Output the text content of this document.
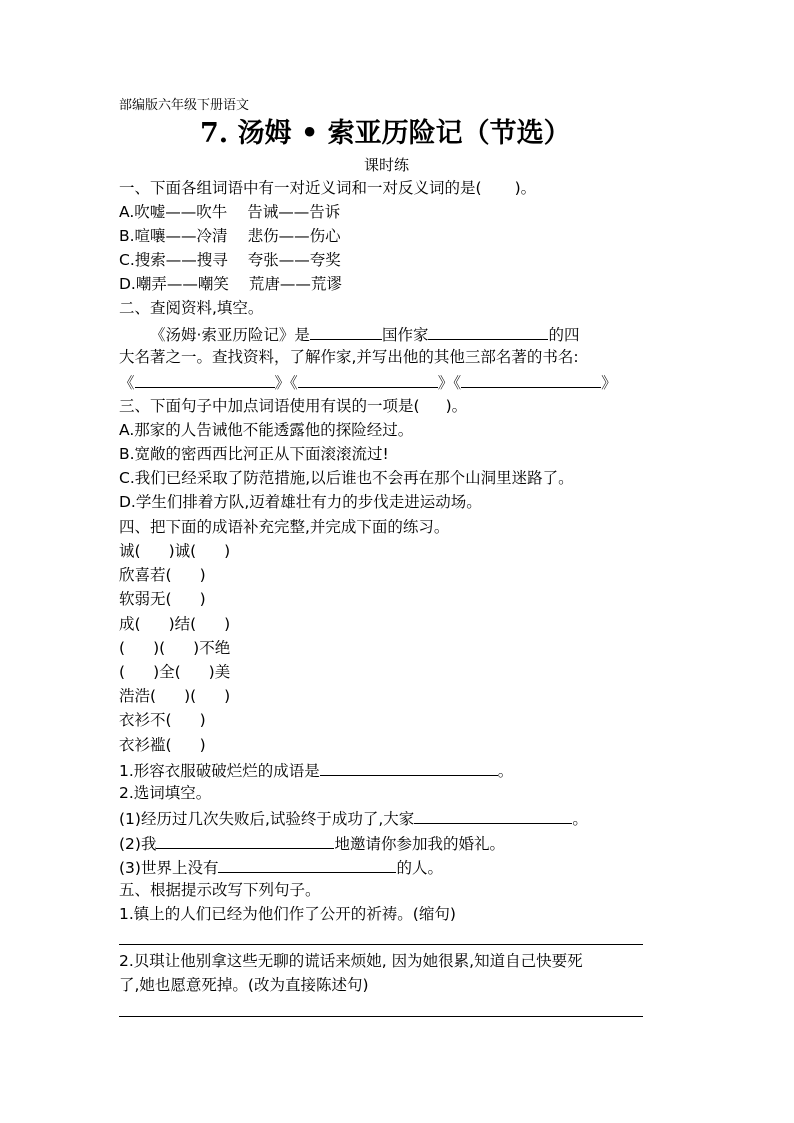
部编版六年级下册语文
7. 汤姆 • 索亚历险记（节选）
课时练
一、下面各组词语中有一对近义词和一对反义词的是( )。
A.吹嘘——吹牛 告诫——告诉
B.喧嚷——冷清 悲伤——伤心
C.搜索——搜寻 夸张——夸奖
D.嘲弄——嘲笑 荒唐——荒谬
二、查阅资料,填空。
《汤姆·索亚历险记》是	国作家	的四
大名著之一。查找资料，了解作家,并写出他的其他三部名著的书名:
《	》《	》《	》
三、下面句子中加点词语使用有误的一项是( )。
A.那家的人告诫他不能透露他的探险经过。
B.宽敞的密西西比河正从下面滚滚流过!
C.我们已经采取了防范措施,以后谁也不会再在那个山洞里迷路了。
D.学生们排着方队,迈着雄壮有力的步伐走进运动场。
四、把下面的成语补充完整,并完成下面的练习。
诚( )诚( )
欣喜若( )
软弱无( )
成( )结( )
( )( )不绝
( )全( )美
浩浩( )( )
衣衫不( )
衣衫褴( )
1.形容衣服破破烂烂的成语是	。
2.选词填空。
(1)经历过几次失败后,试验终于成功了,大家	。
(2)我	地邀请你参加我的婚礼。
(3)世界上没有	的人。
五、根据提示改写下列句子。
1.镇上的人们已经为他们作了公开的祈祷。(缩句)
2.贝琪让他别拿这些无聊的谎话来烦她, 因为她很累,知道自己快要死
了,她也愿意死掉。(改为直接陈述句)
